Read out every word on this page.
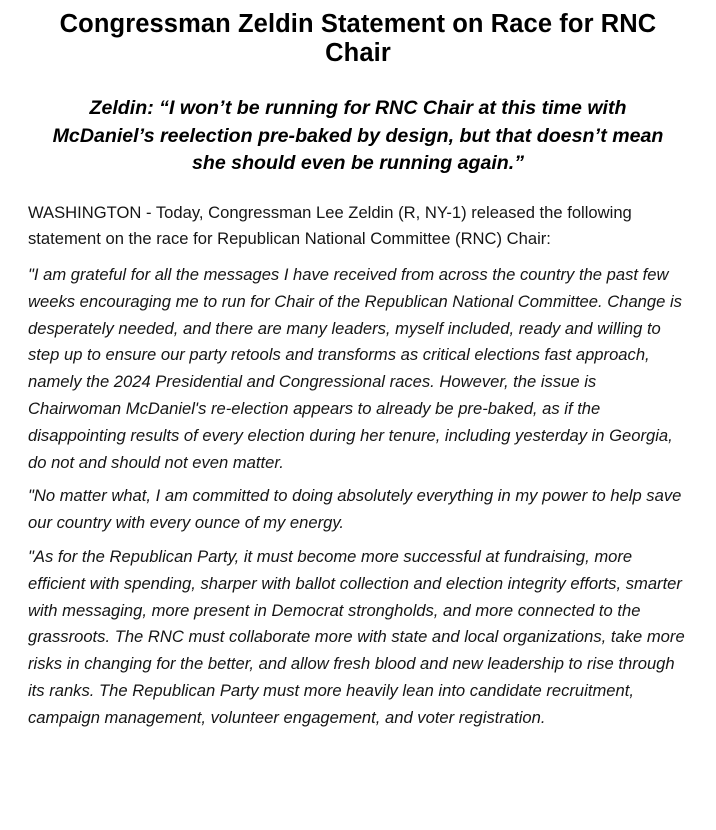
Congressman Zeldin Statement on Race for RNC Chair

Zeldin: “I won’t be running for RNC Chair at this time with McDaniel’s reelection pre-baked by design, but that doesn’t mean she should even be running again.”

WASHINGTON - Today, Congressman Lee Zeldin (R, NY-1) released the following statement on the race for Republican National Committee (RNC) Chair:

"I am grateful for all the messages I have received from across the country the past few weeks encouraging me to run for Chair of the Republican National Committee. Change is desperately needed, and there are many leaders, myself included, ready and willing to step up to ensure our party retools and transforms as critical elections fast approach, namely the 2024 Presidential and Congressional races. However, the issue is Chairwoman McDaniel's re-election appears to already be pre-baked, as if the disappointing results of every election during her tenure, including yesterday in Georgia, do not and should not even matter.

"No matter what, I am committed to doing absolutely everything in my power to help save our country with every ounce of my energy.

"As for the Republican Party, it must become more successful at fundraising, more efficient with spending, sharper with ballot collection and election integrity efforts, smarter with messaging, more present in Democrat strongholds, and more connected to the grassroots. The RNC must collaborate more with state and local organizations, take more risks in changing for the better, and allow fresh blood and new leadership to rise through its ranks. The Republican Party must more heavily lean into candidate recruitment, campaign management, volunteer engagement, and voter registration.
